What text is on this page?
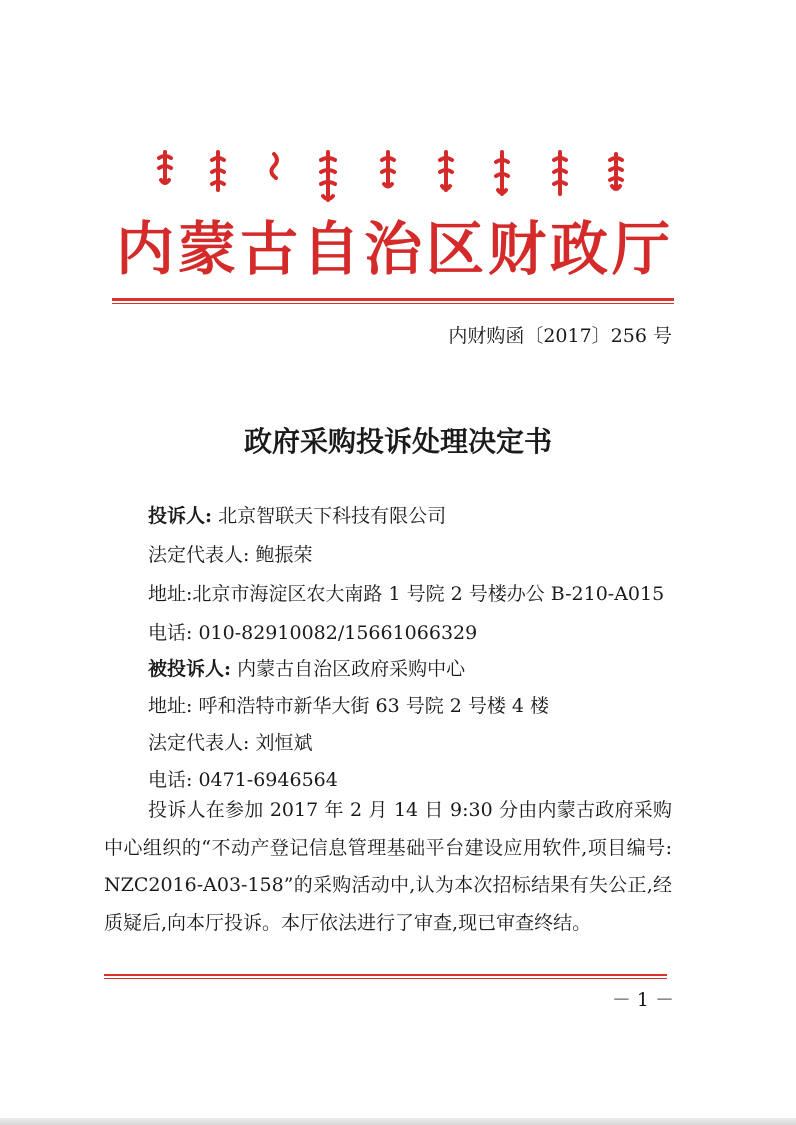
内蒙古自治区财政厅
内财购函〔2017〕256 号
政府采购投诉处理决定书
投诉人: 北京智联天下科技有限公司
法定代表人: 鲍振荣
地址:北京市海淀区农大南路 1 号院 2 号楼办公 B-210-A015
电话: 010-82910082/15661066329
被投诉人: 内蒙古自治区政府采购中心
地址: 呼和浩特市新华大街 63 号院 2 号楼 4 楼
法定代表人: 刘恒斌
电话: 0471-6946564
投诉人在参加 2017 年 2 月 14 日 9:30 分由内蒙古政府采购中心组织的“不动产登记信息管理基础平台建设应用软件,项目编号: NZC2016-A03-158”的采购活动中,认为本次招标结果有失公正,经质疑后,向本厅投诉。本厅依法进行了审查,现已审查终结。
－ 1 －
